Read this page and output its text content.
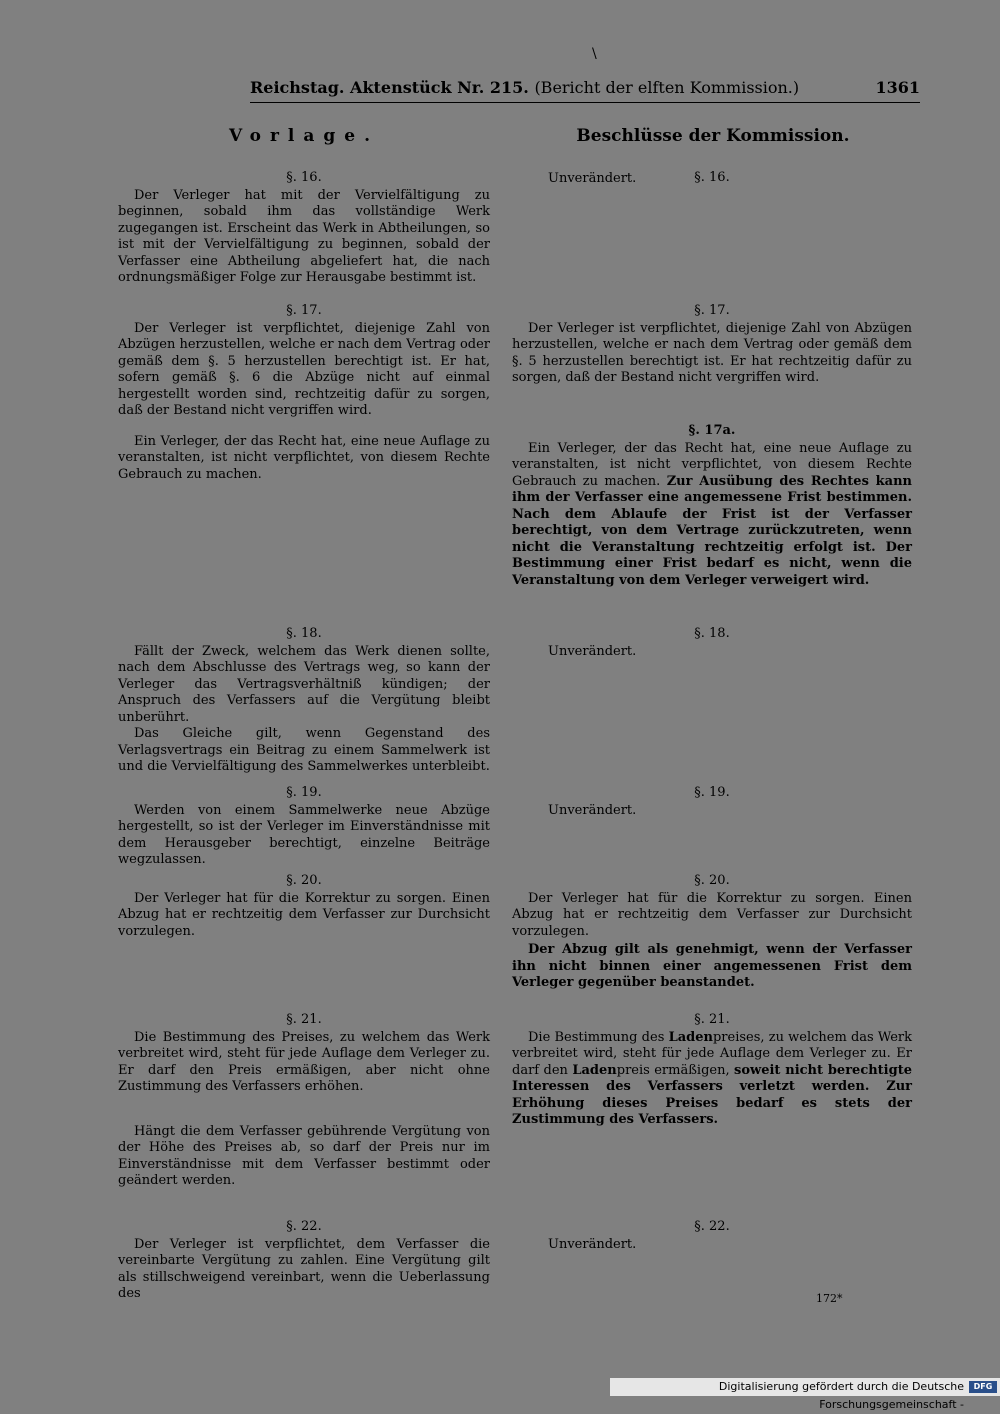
Reichstag. Aktenstück Nr. 215. (Bericht der elften Kommission.)	1361
\
Vorlage.	Beschlüsse der Kommission.
§. 16.

Der Verleger hat mit der Vervielfältigung zu beginnen, sobald ihm das vollständige Werk zugegangen ist. Erscheint das Werk in Abtheilungen, so ist mit der Vervielfältigung zu beginnen, sobald der Verfasser eine Abtheilung abgeliefert hat, die nach ordnungsmäßiger Folge zur Herausgabe bestimmt ist.

§. 17.

Der Verleger ist verpflichtet, diejenige Zahl von Abzügen herzustellen, welche er nach dem Vertrag oder gemäß dem §. 5 herzustellen berechtigt ist. Er hat, sofern gemäß §. 6 die Abzüge nicht auf einmal hergestellt worden sind, rechtzeitig dafür zu sorgen, daß der Bestand nicht vergriffen wird.

Ein Verleger, der das Recht hat, eine neue Auflage zu veranstalten, ist nicht verpflichtet, von diesem Rechte Gebrauch zu machen.

§. 18.

Fällt der Zweck, welchem das Werk dienen sollte, nach dem Abschlusse des Vertrags weg, so kann der Verleger das Vertragsverhältniß kündigen; der Anspruch des Verfassers auf die Vergütung bleibt unberührt.

Das Gleiche gilt, wenn Gegenstand des Verlagsvertrags ein Beitrag zu einem Sammelwerk ist und die Vervielfältigung des Sammelwerkes unterbleibt.

§. 19.

Werden von einem Sammelwerke neue Abzüge hergestellt, so ist der Verleger im Einverständnisse mit dem Herausgeber berechtigt, einzelne Beiträge wegzulassen.

§. 20.

Der Verleger hat für die Korrektur zu sorgen. Einen Abzug hat er rechtzeitig dem Verfasser zur Durchsicht vorzulegen.

§. 21.

Die Bestimmung des Preises, zu welchem das Werk verbreitet wird, steht für jede Auflage dem Verleger zu. Er darf den Preis ermäßigen, aber nicht ohne Zustimmung des Verfassers erhöhen.

Hängt die dem Verfasser gebührende Vergütung von der Höhe des Preises ab, so darf der Preis nur im Einverständnisse mit dem Verfasser bestimmt oder geändert werden.

§. 22.

Der Verleger ist verpflichtet, dem Verfasser die vereinbarte Vergütung zu zahlen. Eine Vergütung gilt als stillschweigend vereinbart, wenn die Ueberlassung des

§. 16.

Unverändert.

§. 17.

Der Verleger ist verpflichtet, diejenige Zahl von Abzügen herzustellen, welche er nach dem Vertrag oder gemäß dem §. 5 herzustellen berechtigt ist. Er hat rechtzeitig dafür zu sorgen, daß der Bestand nicht vergriffen wird.

§. 17a.

Ein Verleger, der das Recht hat, eine neue Auflage zu veranstalten, ist nicht verpflichtet, von diesem Rechte Gebrauch zu machen. Zur Ausübung des Rechtes kann ihm der Verfasser eine angemessene Frist bestimmen. Nach dem Ablaufe der Frist ist der Verfasser berechtigt, von dem Vertrage zurückzutreten, wenn nicht die Veranstaltung rechtzeitig erfolgt ist. Der Bestimmung einer Frist bedarf es nicht, wenn die Veranstaltung von dem Verleger verweigert wird.

§. 18.

Unverändert.

§. 19.

Unverändert.

§. 20.

Der Verleger hat für die Korrektur zu sorgen. Einen Abzug hat er rechtzeitig dem Verfasser zur Durchsicht vorzulegen.

Der Abzug gilt als genehmigt, wenn der Verfasser ihn nicht binnen einer angemessenen Frist dem Verleger gegenüber beanstandet.

§. 21.

Die Bestimmung des Ladenpreises, zu welchem das Werk verbreitet wird, steht für jede Auflage dem Verleger zu. Er darf den Ladenpreis ermäßigen, soweit nicht berechtigte Interessen des Verfassers verletzt werden. Zur Erhöhung dieses Preises bedarf es stets der Zustimmung des Verfassers.

§. 22.

Unverändert.

172*
Digitalisierung gefördert durch die Deutsche Forschungsgemeinschaft -
DFG
